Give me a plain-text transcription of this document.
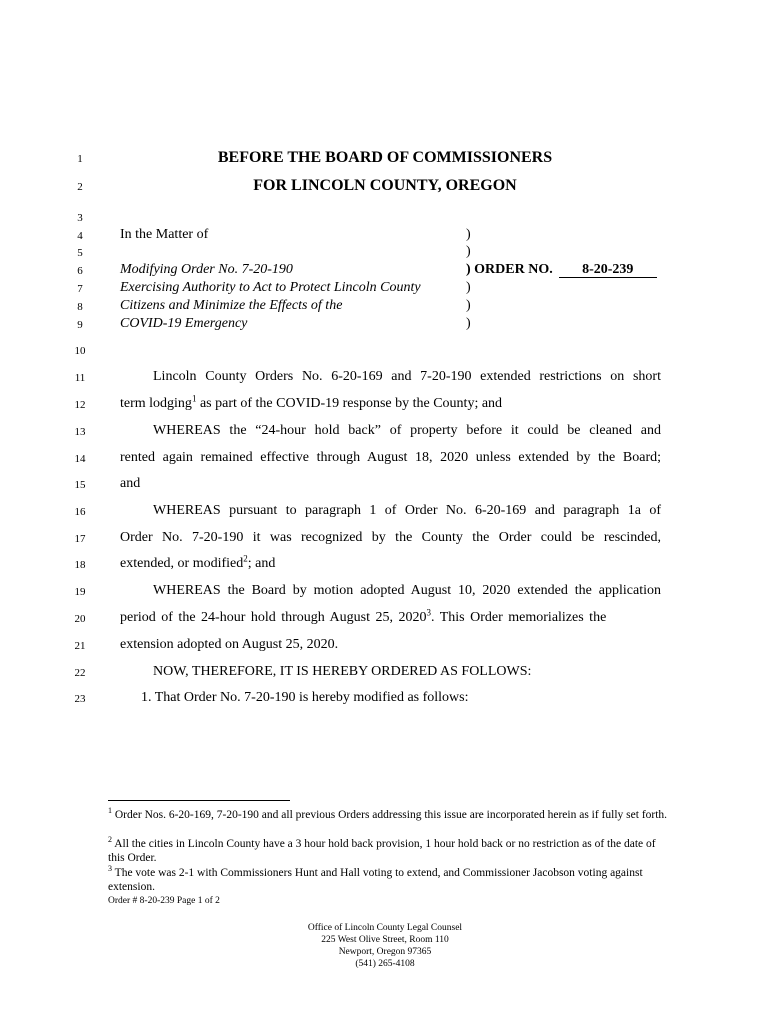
1
2
3
4
5
6
7
8
9
10
11
12
13
14
15
16
17
18
19
20
21
22
23
BEFORE THE BOARD OF COMMISSIONERS
FOR LINCOLN COUNTY, OREGON
In the Matter of
Modifying Order No. 7-20-190
Exercising Authority to Act to Protect Lincoln County
Citizens and Minimize the Effects of the
COVID-19 Emergency
)
)
) ORDER NO. 8-20-239
)
)
)
Lincoln County Orders No. 6-20-169 and 7-20-190 extended restrictions on short
term lodging$^1$ as part of the COVID-19 response by the County; and
WHEREAS the “24-hour hold back” of property before it could be cleaned and
rented again remained effective through August 18, 2020 unless extended by the Board;
and
WHEREAS pursuant to paragraph 1 of Order No. 6-20-169 and paragraph 1a of
Order No. 7-20-190 it was recognized by the County the Order could be rescinded,
extended, or modified$^2$; and
WHEREAS the Board by motion adopted August 10, 2020 extended the application
period of the 24-hour hold through August 25, 2020$^3$. This Order memorializes the
extension adopted on August 25, 2020.
NOW, THEREFORE, IT IS HEREBY ORDERED AS FOLLOWS:
1. That Order No. 7-20-190 is hereby modified as follows:
$^1$ Order Nos. 6-20-169, 7-20-190 and all previous Orders addressing this issue are incorporated herein as if fully set forth.
$^2$ All the cities in Lincoln County have a 3 hour hold back provision, 1 hour hold back or no restriction as of the date of this Order.
$^3$ The vote was 2-1 with Commissioners Hunt and Hall voting to extend, and Commissioner Jacobson voting against extension.
Order # 8-20-239 Page 1 of 2
Office of Lincoln County Legal Counsel
225 West Olive Street, Room 110
Newport, Oregon 97365
(541) 265-4108
